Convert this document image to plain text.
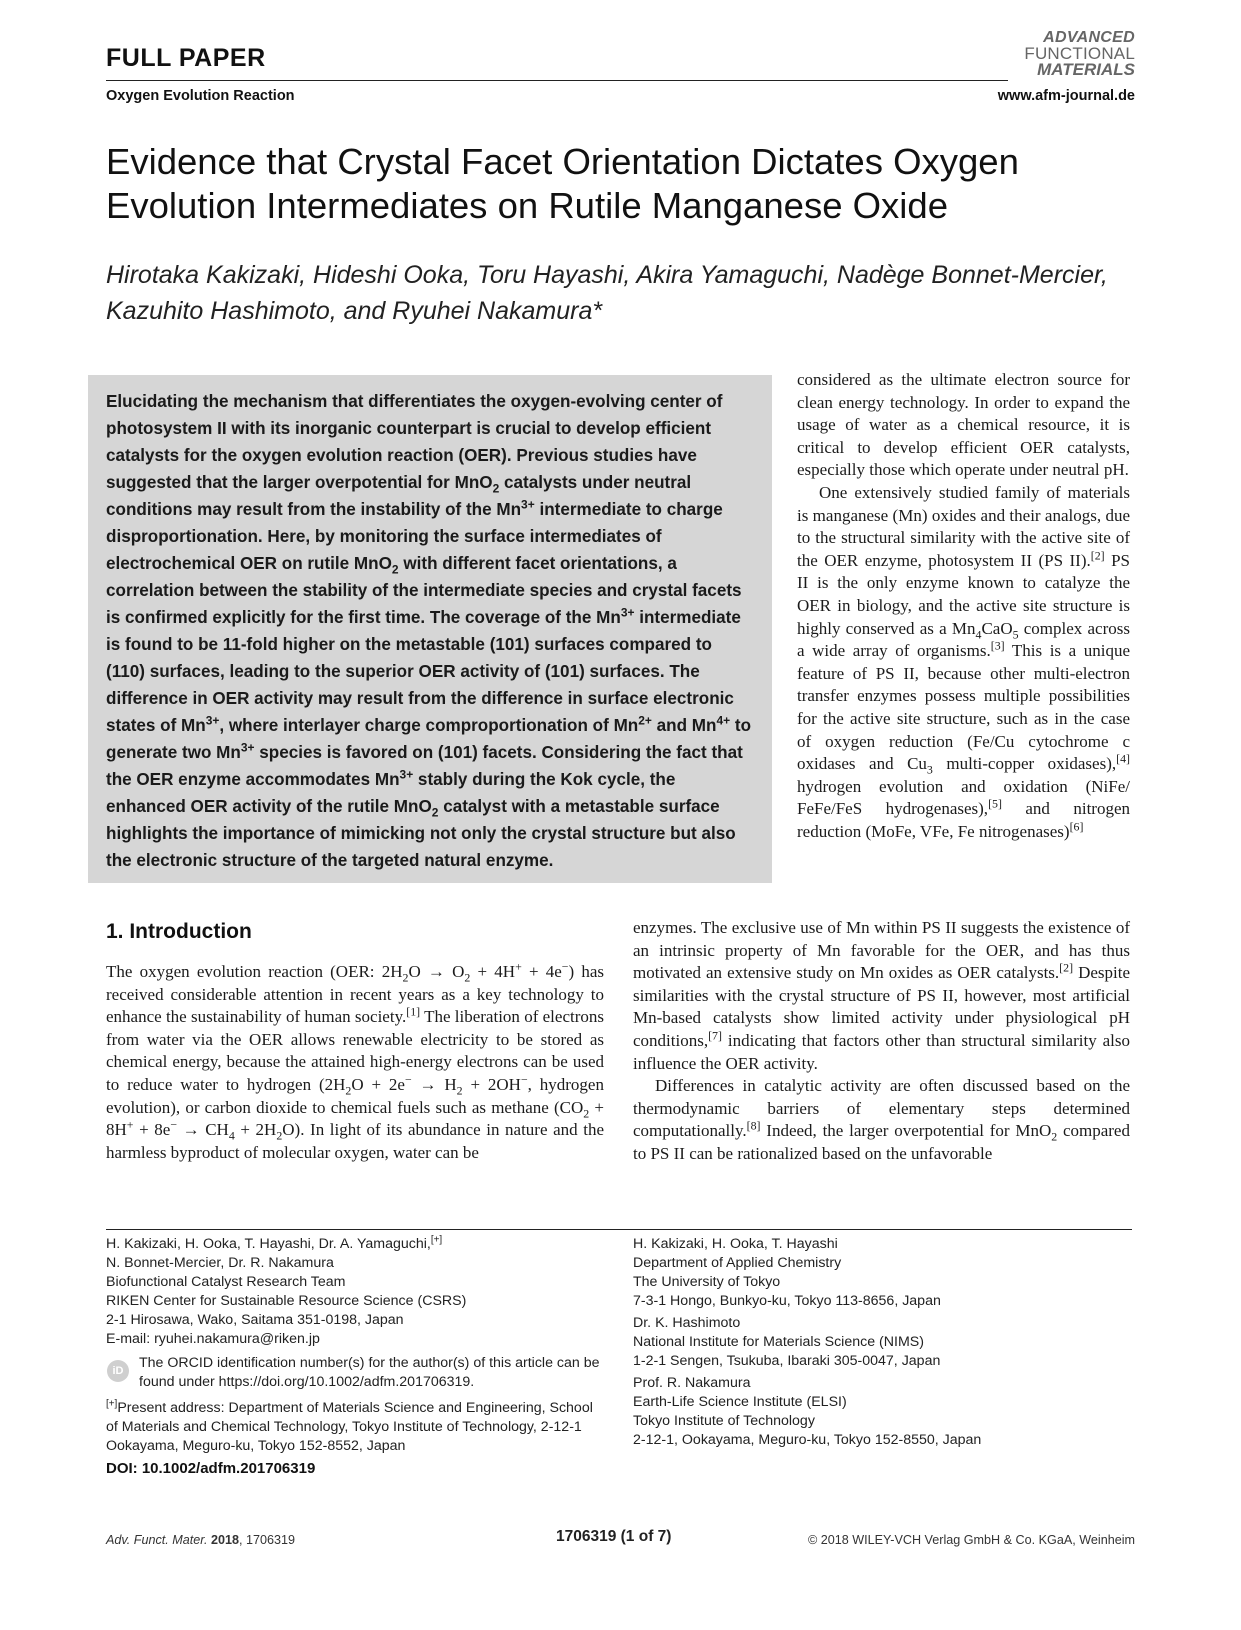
FULL PAPER
Oxygen Evolution Reaction
ADVANCED
FUNCTIONAL
MATERIALS
www.afm-journal.de
Evidence that Crystal Facet Orientation Dictates Oxygen Evolution Intermediates on Rutile Manganese Oxide
Hirotaka Kakizaki, Hideshi Ooka, Toru Hayashi, Akira Yamaguchi, Nadège Bonnet-Mercier,
Kazuhito Hashimoto, and Ryuhei Nakamura*
Elucidating the mechanism that differentiates the oxygen-evolving center of photosystem II with its inorganic counterpart is crucial to develop efficient catalysts for the oxygen evolution reaction (OER). Previous studies have suggested that the larger overpotential for MnO$_2$ catalysts under neutral conditions may result from the instability of the $Mn^{3+}$ intermediate to charge disproportionation. Here, by monitoring the surface intermediates of electrochemical OER on rutile MnO$_2$ with different facet orientations, a correlation between the stability of the intermediate species and crystal facets is confirmed explicitly for the first time. The coverage of the $Mn^{3+}$ intermediate is found to be 11-fold higher on the metastable (101) surfaces compared to (110) surfaces, leading to the superior OER activity of (101) surfaces. The difference in OER activity may result from the difference in surface electronic states of $Mn^{3+}$, where interlayer charge comproportionation of $Mn^{2+}$ and $Mn^{4+}$ to generate two $Mn^{3+}$ species is favored on (101) facets. Considering the fact that the OER enzyme accommodates $Mn^{3+}$ stably during the Kok cycle, the enhanced OER activity of the rutile MnO$_2$ catalyst with a metastable surface highlights the importance of mimicking not only the crystal structure but also the electronic structure of the targeted natural enzyme.

considered as the ultimate electron source for clean energy technology. In order to expand the usage of water as a chemical resource, it is critical to develop efficient OER catalysts, especially those which operate under neutral pH.

One extensively studied family of materials is manganese (Mn) oxides and their analogs, due to the structural similarity with the active site of the OER enzyme, photosystem II (PS II).[2] PS II is the only enzyme known to catalyze the OER in biology, and the active site structure is highly conserved as a $Mn_4CaO_5$ complex across a wide array of organisms.[3] This is a unique feature of PS II, because other multi-electron transfer enzymes possess multiple possibilities for the active site structure, such as in the case of oxygen reduction (Fe/Cu cytochrome c oxidases and $Cu_3$ multi-copper oxidases),[4] hydrogen evolution and oxidation (NiFe/ FeFe/FeS hydrogenases),[5] and nitrogen reduction (MoFe, VFe, Fe nitrogenases)[6]

enzymes. The exclusive use of Mn within PS II suggests the existence of an intrinsic property of Mn favorable for the OER, and has thus motivated an extensive study on Mn oxides as OER catalysts.[2] Despite similarities with the crystal structure of PS II, however, most artificial Mn-based catalysts show limited activity under physiological pH conditions,[7] indicating that factors other than structural similarity also influence the OER activity.

Differences in catalytic activity are often discussed based on the thermodynamic barriers of elementary steps determined computationally.[8] Indeed, the larger overpotential for MnO$_2$ compared to PS II can be rationalized based on the unfavorable

1. Introduction

The oxygen evolution reaction (OER: $2H_2O \to O_2 + 4H^+ + 4e^-$) has received considerable attention in recent years as a key technology to enhance the sustainability of human society.[1] The liberation of electrons from water via the OER allows renewable electricity to be stored as chemical energy, because the attained high-energy electrons can be used to reduce water to hydrogen ($2H_2O + 2e^- \to H_2 + 2OH^-$, hydrogen evolution), or carbon dioxide to chemical fuels such as methane $(CO_2 + 8H^+ + 8e^- \to CH_4 + 2H_2O)$. In light of its abundance in nature and the harmless byproduct of molecular oxygen, water can be

H. Kakizaki, H. Ooka, T. Hayashi, Dr. A. Yamaguchi,[+]

N. Bonnet-Mercier, Dr. R. Nakamura

Biofunctional Catalyst Research Team

RIKEN Center for Sustainable Resource Science (CSRS)

2-1 Hirosawa, Wako, Saitama 351-0198, Japan

E-mail: ryuhei.nakamura@riken.jp

iD	The ORCID identification number(s) for the author(s) of this article can be found under https://doi.org/10.1002/adfm.201706319.
[+]Present address: Department of Materials Science and Engineering, School of Materials and Chemical Technology, Tokyo Institute of Technology, 2-12-1 Ookayama, Meguro-ku, Tokyo 152-8552, Japan
DOI: 10.1002/adfm.201706319

H. Kakizaki, H. Ooka, T. Hayashi

Department of Applied Chemistry

The University of Tokyo

7-3-1 Hongo, Bunkyo-ku, Tokyo 113-8656, Japan

Dr. K. Hashimoto

National Institute for Materials Science (NIMS)

1-2-1 Sengen, Tsukuba, Ibaraki 305-0047, Japan

Prof. R. Nakamura

Earth-Life Science Institute (ELSI)

Tokyo Institute of Technology

2-12-1, Ookayama, Meguro-ku, Tokyo 152-8550, Japan

Adv. Funct. Mater. 2018, 1706319	1706319 (1 of 7)	© 2018 WILEY-VCH Verlag GmbH & Co. KGaA, Weinheim
